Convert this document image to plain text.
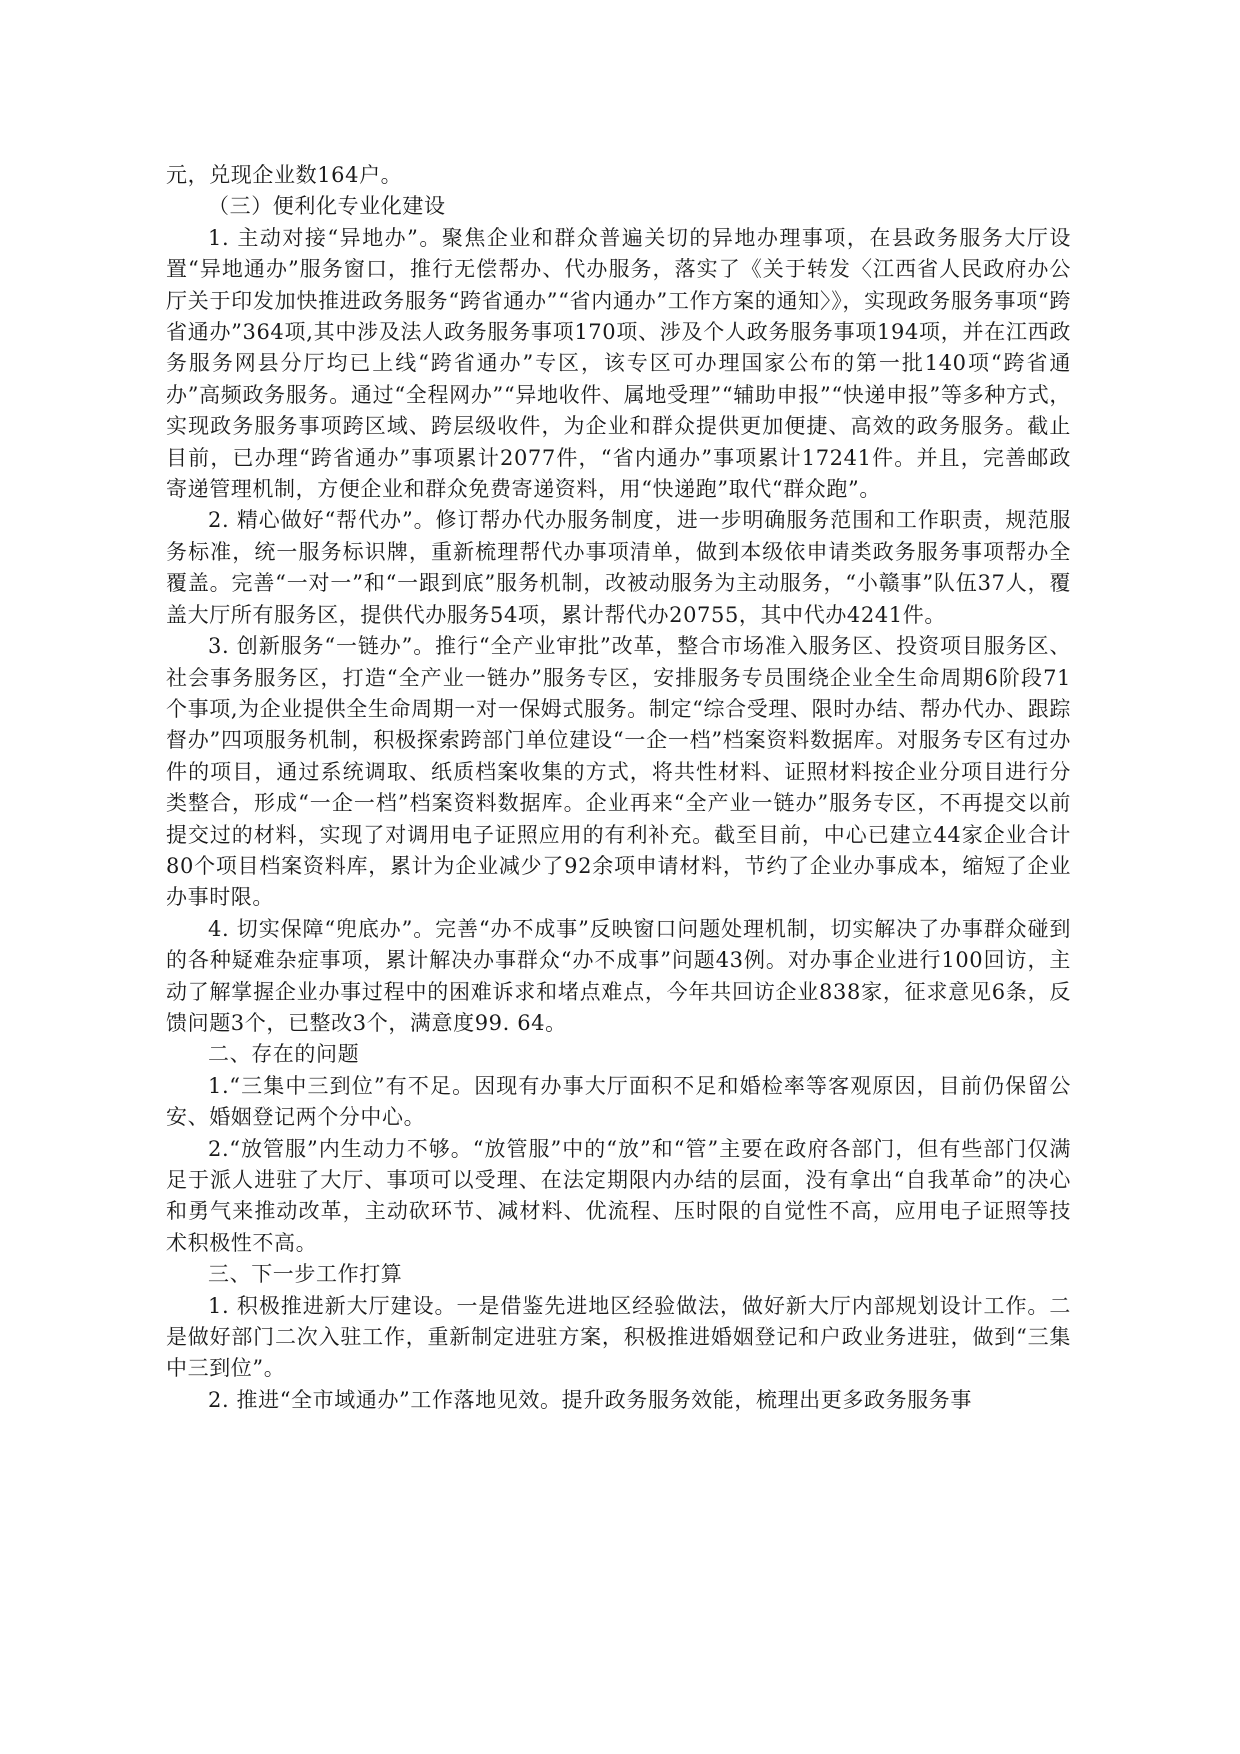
元，兑现企业数164户。

（三）便利化专业化建设

1. 主动对接“异地办”。聚焦企业和群众普遍关切的异地办理事项，在县政务服务大厅设置“异地通办”服务窗口，推行无偿帮办、代办服务，落实了《关于转发〈江西省人民政府办公厅关于印发加快推进政务服务“跨省通办”“省内通办”工作方案的通知〉》，实现政务服务事项“跨省通办”364项,其中涉及法人政务服务事项170项、涉及个人政务服务事项194项，并在江西政务服务网县分厅均已上线“跨省通办”专区，该专区可办理国家公布的第一批140项“跨省通办”高频政务服务。通过“全程网办”“异地收件、属地受理”“辅助申报”“快递申报”等多种方式，实现政务服务事项跨区域、跨层级收件，为企业和群众提供更加便捷、高效的政务服务。截止目前，已办理“跨省通办”事项累计2077件，“省内通办”事项累计17241件。并且，完善邮政寄递管理机制，方便企业和群众免费寄递资料，用“快递跑”取代“群众跑”。

2. 精心做好“帮代办”。修订帮办代办服务制度，进一步明确服务范围和工作职责，规范服务标准，统一服务标识牌，重新梳理帮代办事项清单，做到本级依申请类政务服务事项帮办全覆盖。完善“一对一”和“一跟到底”服务机制，改被动服务为主动服务，“小赣事”队伍37人，覆盖大厅所有服务区，提供代办服务54项，累计帮代办20755，其中代办4241件。

3. 创新服务“一链办”。推行“全产业审批”改革，整合市场准入服务区、投资项目服务区、社会事务服务区，打造“全产业一链办”服务专区，安排服务专员围绕企业全生命周期6阶段71个事项,为企业提供全生命周期一对一保姆式服务。制定“综合受理、限时办结、帮办代办、跟踪督办”四项服务机制，积极探索跨部门单位建设“一企一档”档案资料数据库。对服务专区有过办件的项目，通过系统调取、纸质档案收集的方式，将共性材料、证照材料按企业分项目进行分类整合，形成“一企一档”档案资料数据库。企业再来“全产业一链办”服务专区，不再提交以前提交过的材料，实现了对调用电子证照应用的有利补充。截至目前，中心已建立44家企业合计80个项目档案资料库，累计为企业减少了92余项申请材料，节约了企业办事成本，缩短了企业办事时限。

4. 切实保障“兜底办”。完善“办不成事”反映窗口问题处理机制，切实解决了办事群众碰到的各种疑难杂症事项，累计解决办事群众“办不成事”问题43例。对办事企业进行100回访，主动了解掌握企业办事过程中的困难诉求和堵点难点，今年共回访企业838家，征求意见6条，反馈问题3个，已整改3个，满意度99. 64。

二、存在的问题

1.“三集中三到位”有不足。因现有办事大厅面积不足和婚检率等客观原因，目前仍保留公安、婚姻登记两个分中心。

2.“放管服”内生动力不够。“放管服”中的“放”和“管”主要在政府各部门，但有些部门仅满足于派人进驻了大厅、事项可以受理、在法定期限内办结的层面，没有拿出“自我革命”的决心和勇气来推动改革，主动砍环节、减材料、优流程、压时限的自觉性不高，应用电子证照等技术积极性不高。

三、下一步工作打算

1. 积极推进新大厅建设。一是借鉴先进地区经验做法，做好新大厅内部规划设计工作。二是做好部门二次入驻工作，重新制定进驻方案，积极推进婚姻登记和户政业务进驻，做到“三集中三到位”。

2. 推进“全市域通办”工作落地见效。提升政务服务效能，梳理出更多政务服务事
